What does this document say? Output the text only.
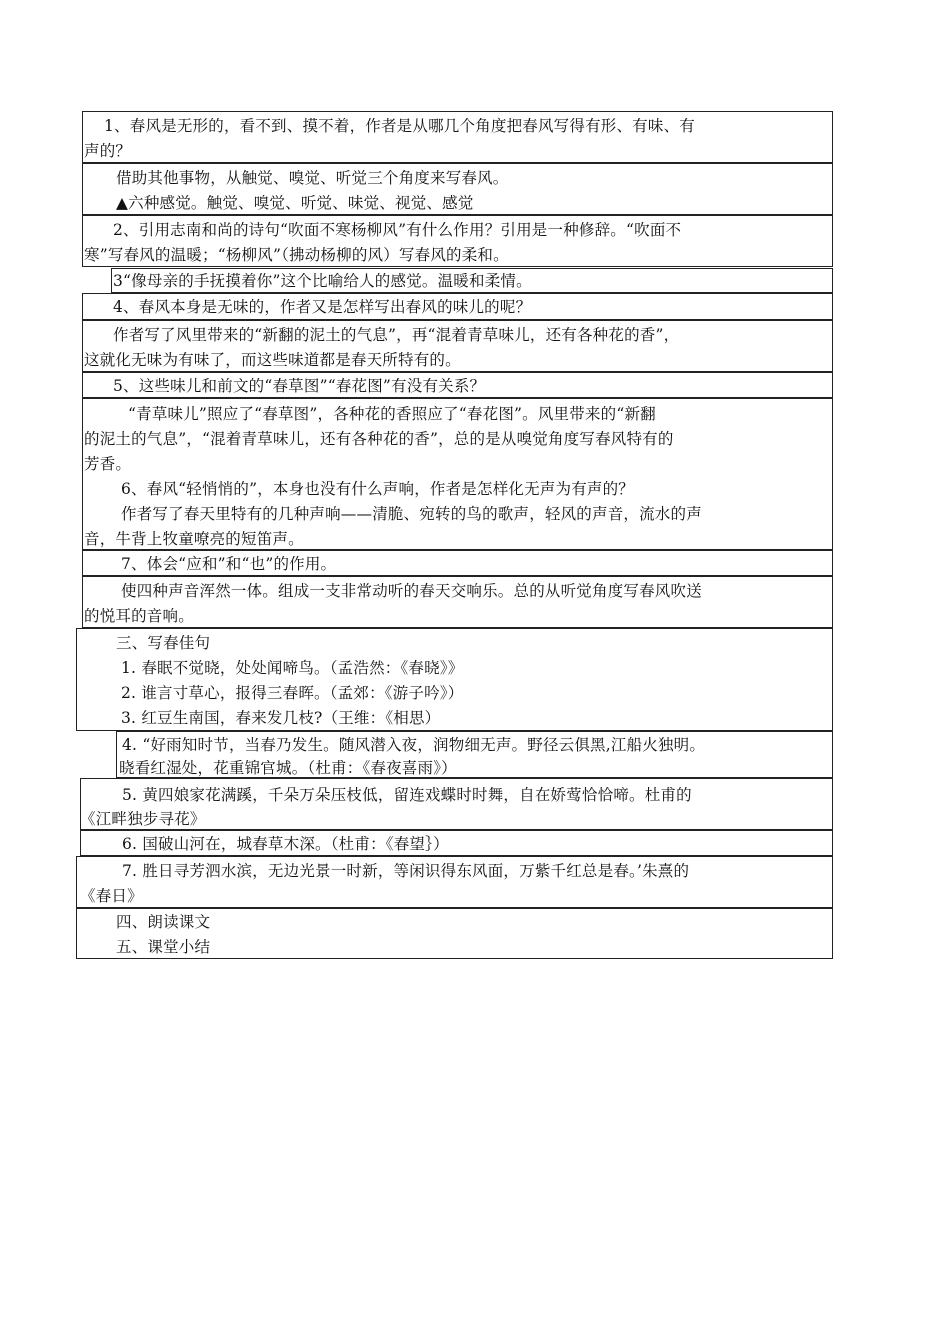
1、春风是无形的，看不到、摸不着，作者是从哪几个角度把春风写得有形、有味、有
声的？
借助其他事物，从触觉、嗅觉、听觉三个角度来写春风。
▲六种感觉。触觉、嗅觉、听觉、味觉、视觉、感觉
2、引用志南和尚的诗句“吹面不寒杨柳风”有什么作用？引用是一种修辞。“吹面不
寒”写春风的温暖；“杨柳风”（拂动杨柳的风）写春风的柔和。
3“像母亲的手抚摸着你”这个比喻给人的感觉。温暖和柔情。
4、春风本身是无味的，作者又是怎样写出春风的味儿的呢？
作者写了风里带来的“新翻的泥土的气息”，再“混着青草味儿，还有各种花的香”，
这就化无味为有味了，而这些味道都是春天所特有的。
5、这些味儿和前文的“春草图”“春花图”有没有关系？
“青草味儿”照应了“春草图”，各种花的香照应了“春花图”。风里带来的“新翻
的泥土的气息”，“混着青草味儿，还有各种花的香”，总的是从嗅觉角度写春风特有的
芳香。
6、春风“轻悄悄的”，本身也没有什么声响，作者是怎样化无声为有声的？
作者写了春天里特有的几种声响——清脆、宛转的鸟的歌声，轻风的声音，流水的声
音，牛背上牧童嘹亮的短笛声。
7、体会“应和”和“也”的作用。
使四种声音浑然一体。组成一支非常动听的春天交响乐。总的从听觉角度写春风吹送
的悦耳的音响。
三、写春佳句
1. 春眠不觉晓，处处闻啼鸟。（孟浩然：《春晓》》
2. 谁言寸草心，报得三春晖。（孟郊：《游子吟》）
3. 红豆生南国，春来发几枝?（王维：《相思）
4. “好雨知时节，当春乃发生。随风潜入夜，润物细无声。野径云俱黑,江船火独明。
晓看红湿处，花重锦官城。（杜甫：《春夜喜雨》）
5. 黄四娘家花满蹊，千朵万朵压枝低，留连戏蝶时时舞，自在娇莺恰恰啼。杜甫的
《江畔独步寻花》
6. 国破山河在，城春草木深。（杜甫：《春望｝）
7. 胜日寻芳泗水滨，无边光景一时新，等闲识得东风面，万紫千红总是春。’朱熹的
《春日》
四、朗读课文
五、课堂小结
